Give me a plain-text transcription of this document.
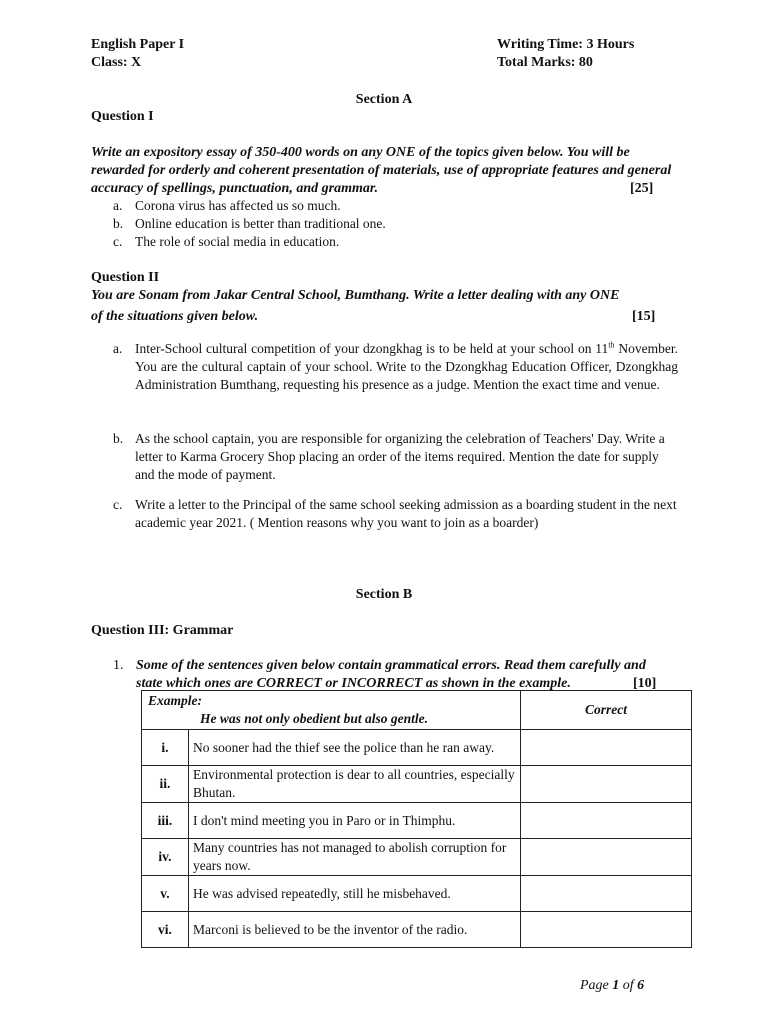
English Paper I
Class: X
Writing Time: 3 Hours
Total Marks: 80
Section A
Question I
Write an expository essay of 350-400 words on any ONE of the topics given below. You will be rewarded for orderly and coherent presentation of materials, use of appropriate features and general accuracy of spellings, punctuation, and grammar.	[25]
a. Corona virus has affected us so much.
b. Online education is better than traditional one.
c. The role of social media in education.
Question II
You are Sonam from Jakar Central School, Bumthang. Write a letter dealing with any ONE
of the situations given below.	[15]
a. Inter-School cultural competition of your dzongkhag is to be held at your school on 11th November. You are the cultural captain of your school. Write to the Dzongkhag Education Officer, Dzongkhag Administration Bumthang, requesting his presence as a judge. Mention the exact time and venue.
b. As the school captain, you are responsible for organizing the celebration of Teachers' Day. Write a letter to Karma Grocery Shop placing an order of the items required. Mention the date for supply and the mode of payment.
c. Write a letter to the Principal of the same school seeking admission as a boarding student in the next academic year 2021. ( Mention reasons why you want to join as a boarder)
Section B
Question III: Grammar
1. Some of the sentences given below contain grammatical errors. Read them carefully and state which ones are CORRECT or INCORRECT as shown in the example.	[10]
Example:
He was not only obedient but also gentle.		Correct
i.	No sooner had the thief see the police than he ran away.	
ii.	Environmental protection is dear to all countries, especially Bhutan.	
iii.	I don't mind meeting you in Paro or in Thimphu.	
iv.	Many countries has not managed to abolish corruption for years now.	
v.	He was advised repeatedly, still he misbehaved.	
vi.	Marconi is believed to be the inventor of the radio.	
Page 1 of 6
